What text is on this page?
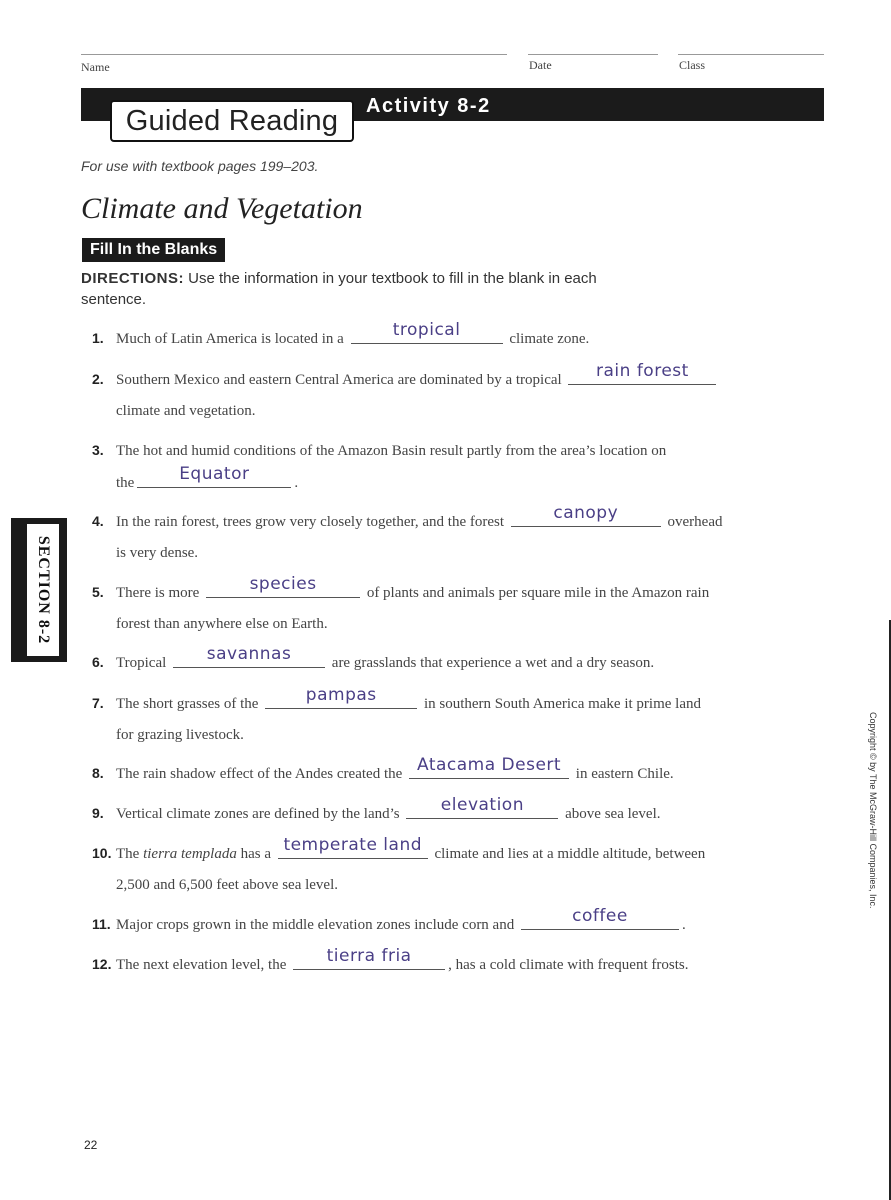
Name	Date	Class
Guided Reading Activity 8-2
For use with textbook pages 199–203.
Climate and Vegetation
Fill In the Blanks
DIRECTIONS: Use the information in your textbook to fill in the blank in each sentence.
1. Much of Latin America is located in a	tropical	climate zone.
2. Southern Mexico and eastern Central America are dominated by a tropical rain forest
climate and vegetation.
3. The hot and humid conditions of the Amazon Basin result partly from the area’s location on
the	Equator	.
4. In the rain forest, trees grow very closely together, and the forest	canopy	overhead
is very dense.
5. There is more	species	of plants and animals per square mile in the Amazon rain
forest than anywhere else on Earth.
6. Tropical savannas	are grasslands that experience a wet and a dry season.
7. The short grasses of the	pampas	in southern South America make it prime land
for grazing livestock.
8. The rain shadow effect of the Andes created the Atacama Desert in eastern Chile.
9. Vertical climate zones are defined by the land’s elevation	above sea level.
10. The tierra templada has a temperate land climate and lies at a middle altitude, between
2,500 and 6,500 feet above sea level.
11. Major crops grown in the middle elevation zones include corn and	coffee	.
12. The next elevation level, the tierra fria , has a cold climate with frequent frosts.
SECTION 8-2
Copyright © by The McGraw-Hill Companies, Inc.
22
